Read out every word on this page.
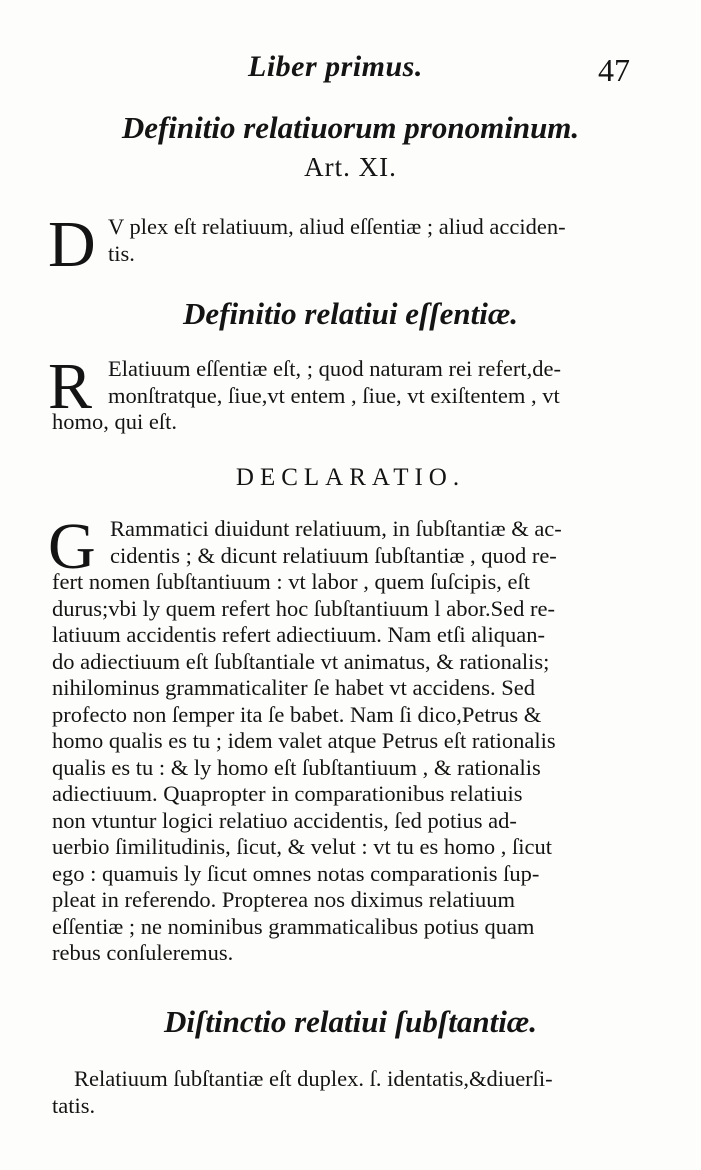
Liber primus.	47
Definitio relatiuorum pronominum.
Art. XI.
D V plex eſt relatiuum, aliud eſſentiæ ; aliud acciden-

tis.

Definitio relatiui eſſentiæ.
R Elatiuum eſſentiæ eſt, ; quod naturam rei refert,de-

monſtratque, ſiue,vt entem , ſiue, vt exiſtentem , vt

homo, qui eſt.

DECLARATIO.
G Rammatici diuidunt relatiuum, in ſubſtantiæ & ac-

cidentis ; & dicunt relatiuum ſubſtantiæ , quod re-

fert nomen ſubſtantiuum : vt labor , quem ſuſcipis, eſt

durus;vbi ly quem refert hoc ſubſtantiuum l abor.Sed re-

latiuum accidentis refert adiectiuum. Nam etſi aliquan-

do adiectiuum eſt ſubſtantiale vt animatus, & rationalis;

nihilominus grammaticaliter ſe habet vt accidens. Sed

profecto non ſemper ita ſe babet. Nam ſi dico,Petrus &

homo qualis es tu ; idem valet atque Petrus eſt rationalis

qualis es tu : & ly homo eſt ſubſtantiuum , & rationalis

adiectiuum. Quapropter in comparationibus relatiuis

non vtuntur logici relatiuo accidentis, ſed potius ad-

uerbio ſimilitudinis, ſicut, & velut : vt tu es homo , ſicut

ego : quamuis ly ſicut omnes notas comparationis ſup-

pleat in referendo. Propterea nos diximus relatiuum

eſſentiæ ; ne nominibus grammaticalibus potius quam

rebus conſuleremus.

Diſtinctio relatiui ſubſtantiæ.

Relatiuum ſubſtantiæ eſt duplex. ſ. identatis,&diuerſi-

tatis.
